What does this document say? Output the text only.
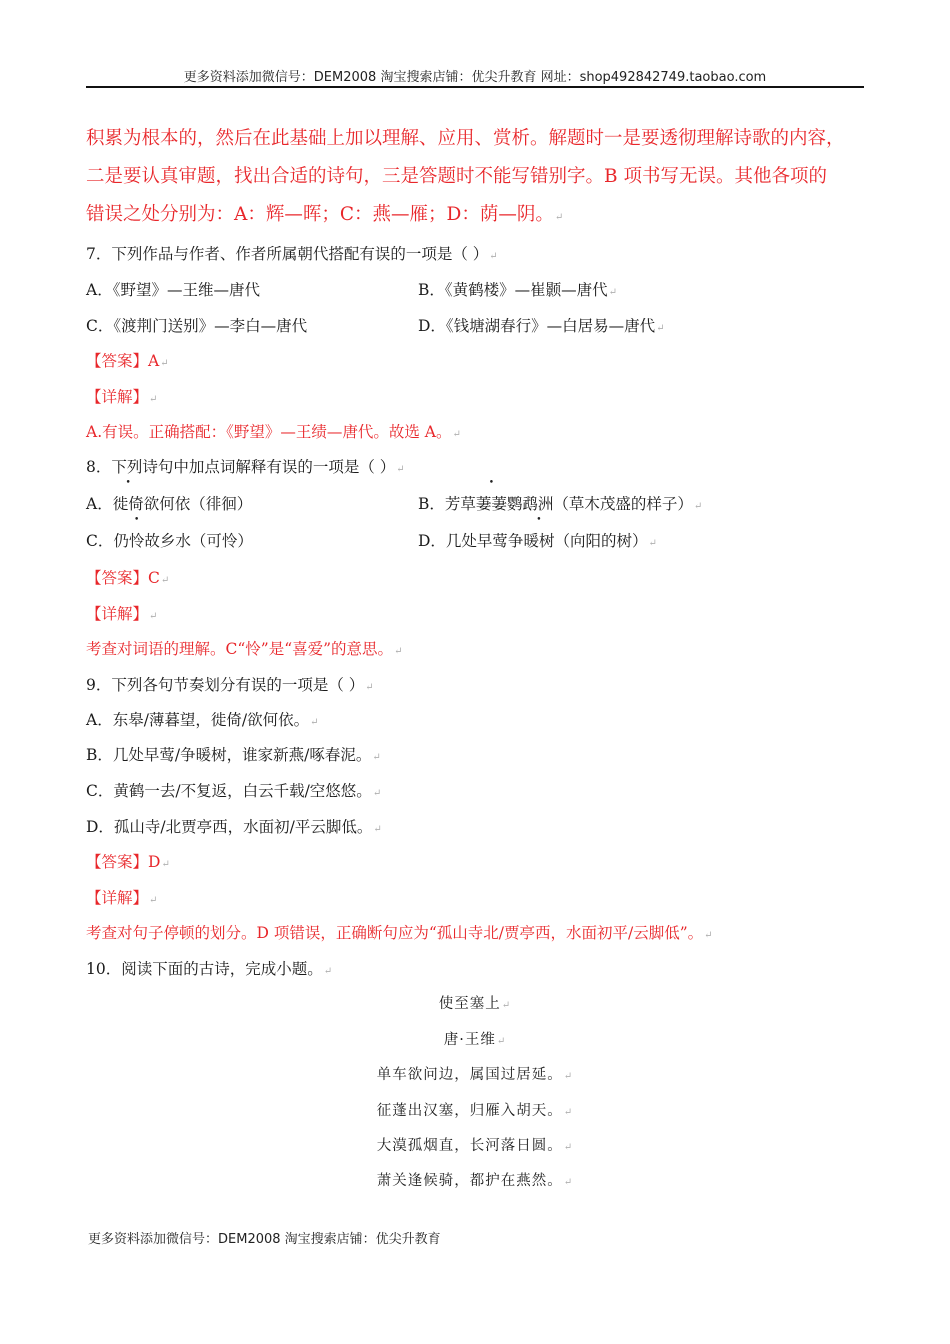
更多资料添加微信号：DEM2008 淘宝搜索店铺：优尖升教育 网址：shop492842749.taobao.com
积累为根本的，然后在此基础上加以理解、应用、赏析。解题时一是要透彻理解诗歌的内容，
二是要认真审题，找出合适的诗句，三是答题时不能写错别字。B 项书写无误。其他各项的
错误之处分别为：A：辉—晖；C：燕—雁；D：荫—阴。↵
7．下列作品与作者、作者所属朝代搭配有误的一项是（ ）↵
A．《野望》—王维—唐代	B．《黄鹤楼》—崔颢—唐代↵
C．《渡荆门送别》—李白—唐代	D．《钱塘湖春行》—白居易—唐代↵
【答案】A↵
【详解】↵
A.有误。正确搭配：《野望》—王绩—唐代。故选 A。↵
8．下列诗句中加点词解释有误的一项是（ ）↵
A．徙倚欲何依（徘徊）	B．芳草萋萋鹦鹉洲（草木茂盛的样子）↵
C．仍怜故乡水（可怜）	D．几处早莺争暖树（向阳的树）↵
【答案】C↵
【详解】↵
考查对词语的理解。C“怜”是“喜爱”的意思。↵
9．下列各句节奏划分有误的一项是（ ）↵
A．东皋/薄暮望，徙倚/欲何依。↵
B．几处早莺/争暖树，谁家新燕/啄春泥。↵
C．黄鹤一去/不复返，白云千载/空悠悠。↵
D．孤山寺/北贾亭西，水面初/平云脚低。↵
【答案】D↵
【详解】↵
考查对句子停顿的划分。D 项错误，正确断句应为“孤山寺北/贾亭西，水面初平/云脚低”。↵
10．阅读下面的古诗，完成小题。↵
使至塞上↵
唐·王维↵
单车欲问边，属国过居延。↵
征蓬出汉塞，归雁入胡天。↵
大漠孤烟直，长河落日圆。↵
萧关逢候骑，都护在燕然。↵
更多资料添加微信号：DEM2008 淘宝搜索店铺：优尖升教育
